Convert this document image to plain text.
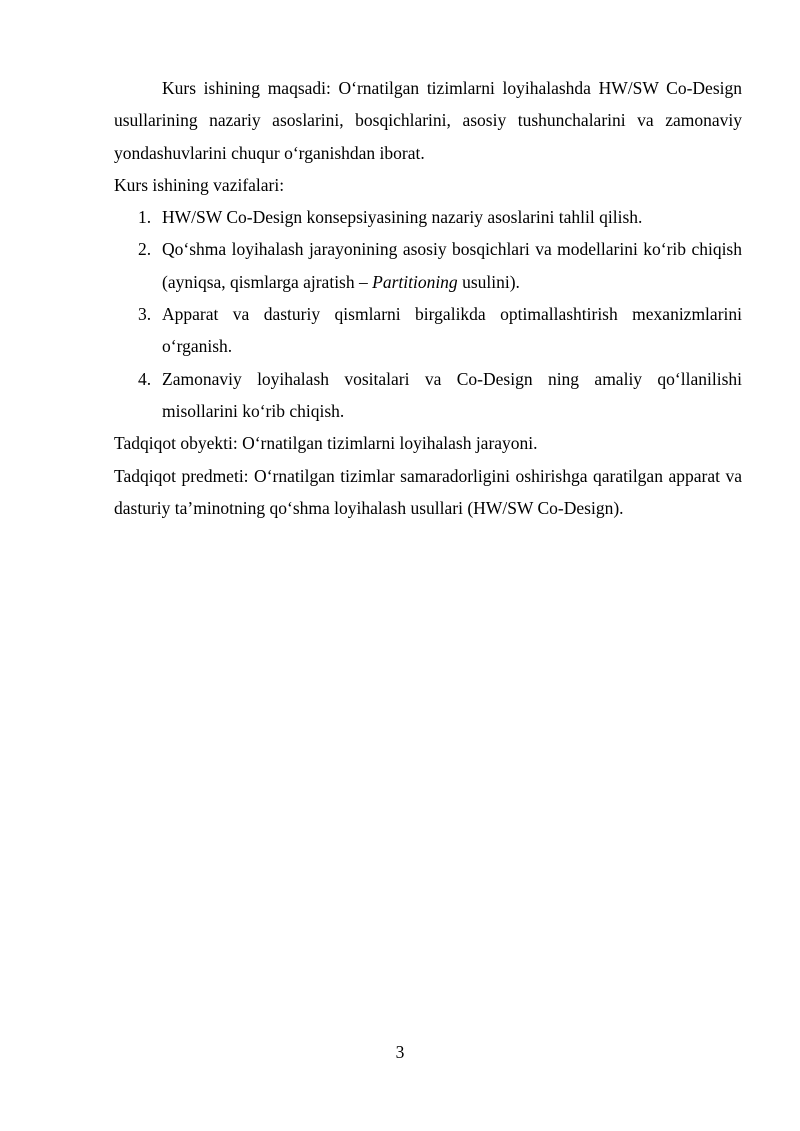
Kurs ishining maqsadi: O‘rnatilgan tizimlarni loyihalashda HW/SW Co-Design usullarining nazariy asoslarini, bosqichlarini, asosiy tushunchalarini va zamonaviy yondashuvlarini chuqur o‘rganishdan iborat.

Kurs ishining vazifalari:

1. HW/SW Co-Design konsepsiyasining nazariy asoslarini tahlil qilish.
2. Qo‘shma loyihalash jarayonining asosiy bosqichlari va modellarini ko‘rib chiqish (ayniqsa, qismlarga ajratish – Partitioning usulini).
3. Apparat va dasturiy qismlarni birgalikda optimallashtirish mexanizmlarini o‘rganish.
4. Zamonaviy loyihalash vositalari va Co-Design ning amaliy qo‘llanilishi misollarini ko‘rib chiqish.

Tadqiqot obyekti: O‘rnatilgan tizimlarni loyihalash jarayoni.

Tadqiqot predmeti: O‘rnatilgan tizimlar samaradorligini oshirishga qaratilgan apparat va dasturiy ta’minotning qo‘shma loyihalash usullari (HW/SW Co-Design).

3
